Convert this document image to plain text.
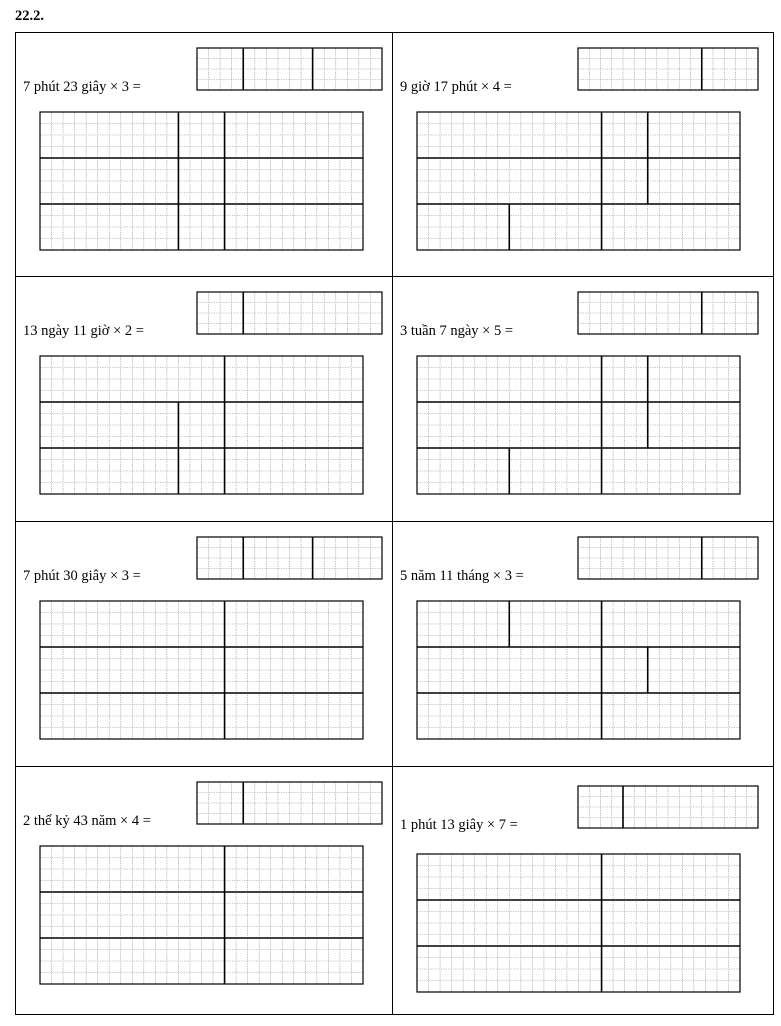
22.2.
7 phút 23 giây × 3 =	9 giờ 17 phút × 4 =
13 ngày 11 giờ × 2 =	3 tuần 7 ngày × 5 =
7 phút 30 giây × 3 =	5 năm 11 tháng × 3 =
2 thế kỷ 43 năm × 4 =	1 phút 13 giây × 7 =
